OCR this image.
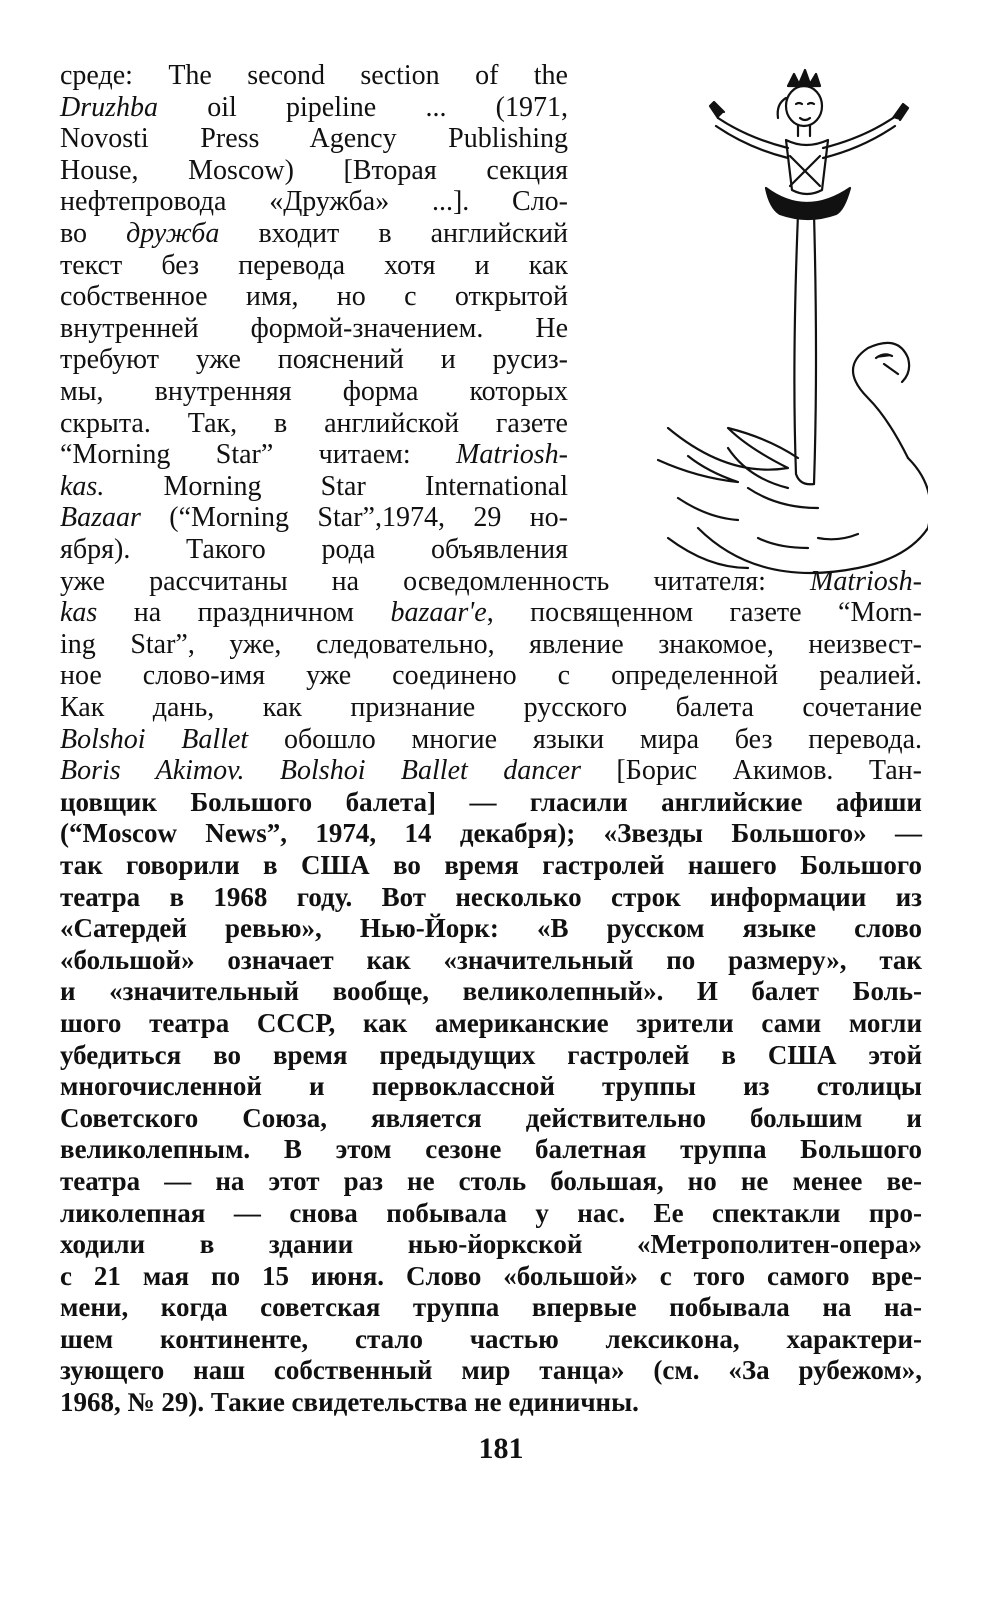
среде: The second section of the
Druzhba oil pipeline ... (1971,
Novosti Press Agency Publishing
House, Moscow) [Вторая секция
нефтепровода «Дружба» ...]. Сло-
во дружба входит в английский
текст без перевода хотя и как
собственное имя, но с открытой
внутренней формой-значением. Не
требуют уже пояснений и русиз-
мы, внутренняя форма которых
скрыта. Так, в английской газете
“Morning Star” читаем: Matriosh-
kas. Morning Star International
Bazaar (“Morning Star”,1974, 29 но-
ября). Такого рода объявления
уже рассчитаны на осведомленность читателя: Matriosh-
kas на праздничном bazaar'e, посвященном газете “Morn-
ing Star”, уже, следовательно, явление знакомое, неизвест-
ное слово-имя уже соединено с определенной реалией.
Как дань, как признание русского балета сочетание
Bolshoi Ballet обошло многие языки мира без перевода.
Boris Akimov. Bolshoi Ballet dancer [Борис Акимов. Тан-
цовщик Большого балета] — гласили английские афиши
(“Moscow News”, 1974, 14 декабря); «Звезды Большого» —
так говорили в США во время гастролей нашего Большого
театра в 1968 году. Вот несколько строк информации из
«Сатердей ревью», Нью-Йорк: «В русском языке слово
«большой» означает как «значительный по размеру», так
и «значительный вообще, великолепный». И балет Боль-
шого театра СССР, как американские зрители сами могли
убедиться во время предыдущих гастролей в США этой
многочисленной и первоклассной труппы из столицы
Советского Союза, является действительно большим и
великолепным. В этом сезоне балетная труппа Большого
театра — на этот раз не столь большая, но не менее ве-
ликолепная — снова побывала у нас. Ее спектакли про-
ходили в здании нью-йоркской «Метрополитен-опера»
с 21 мая по 15 июня. Слово «большой» с того самого вре-
мени, когда советская труппа впервые побывала на на-
шем континенте, стало частью лексикона, характери-
зующего наш собственный мир танца» (см. «За рубежом»,
1968, № 29). Такие свидетельства не единичны.
181
